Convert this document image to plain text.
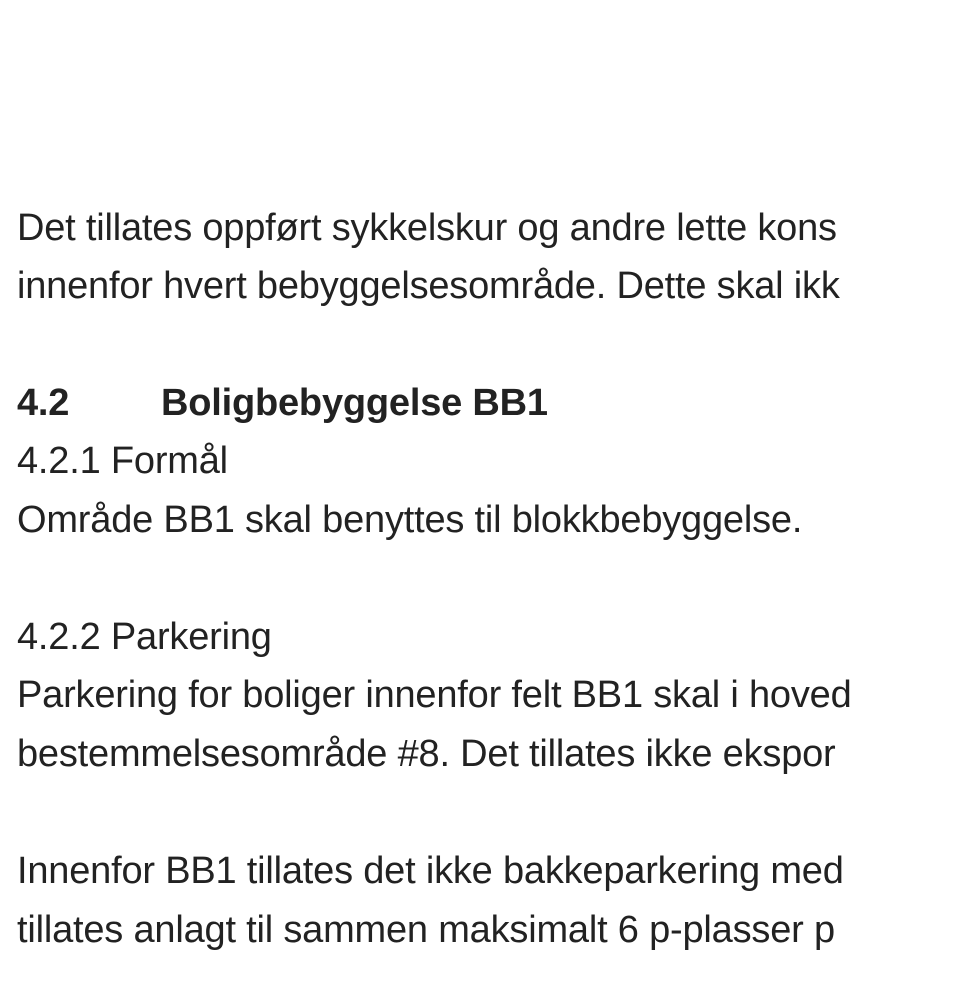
Det tillates oppført sykkelskur og andre lette kons
innenfor hvert bebyggelsesområde. Dette skal ikk
4.2 Boligbebyggelse BB1
4.2.1 Formål
Område BB1 skal benyttes til blokkbebyggelse.
4.2.2 Parkering
Parkering for boliger innenfor felt BB1 skal i hoved
bestemmelsesområde #8. Det tillates ikke ekspor
Innenfor BB1 tillates det ikke bakkeparkering med
tillates anlagt til sammen maksimalt 6 p-plasser p
